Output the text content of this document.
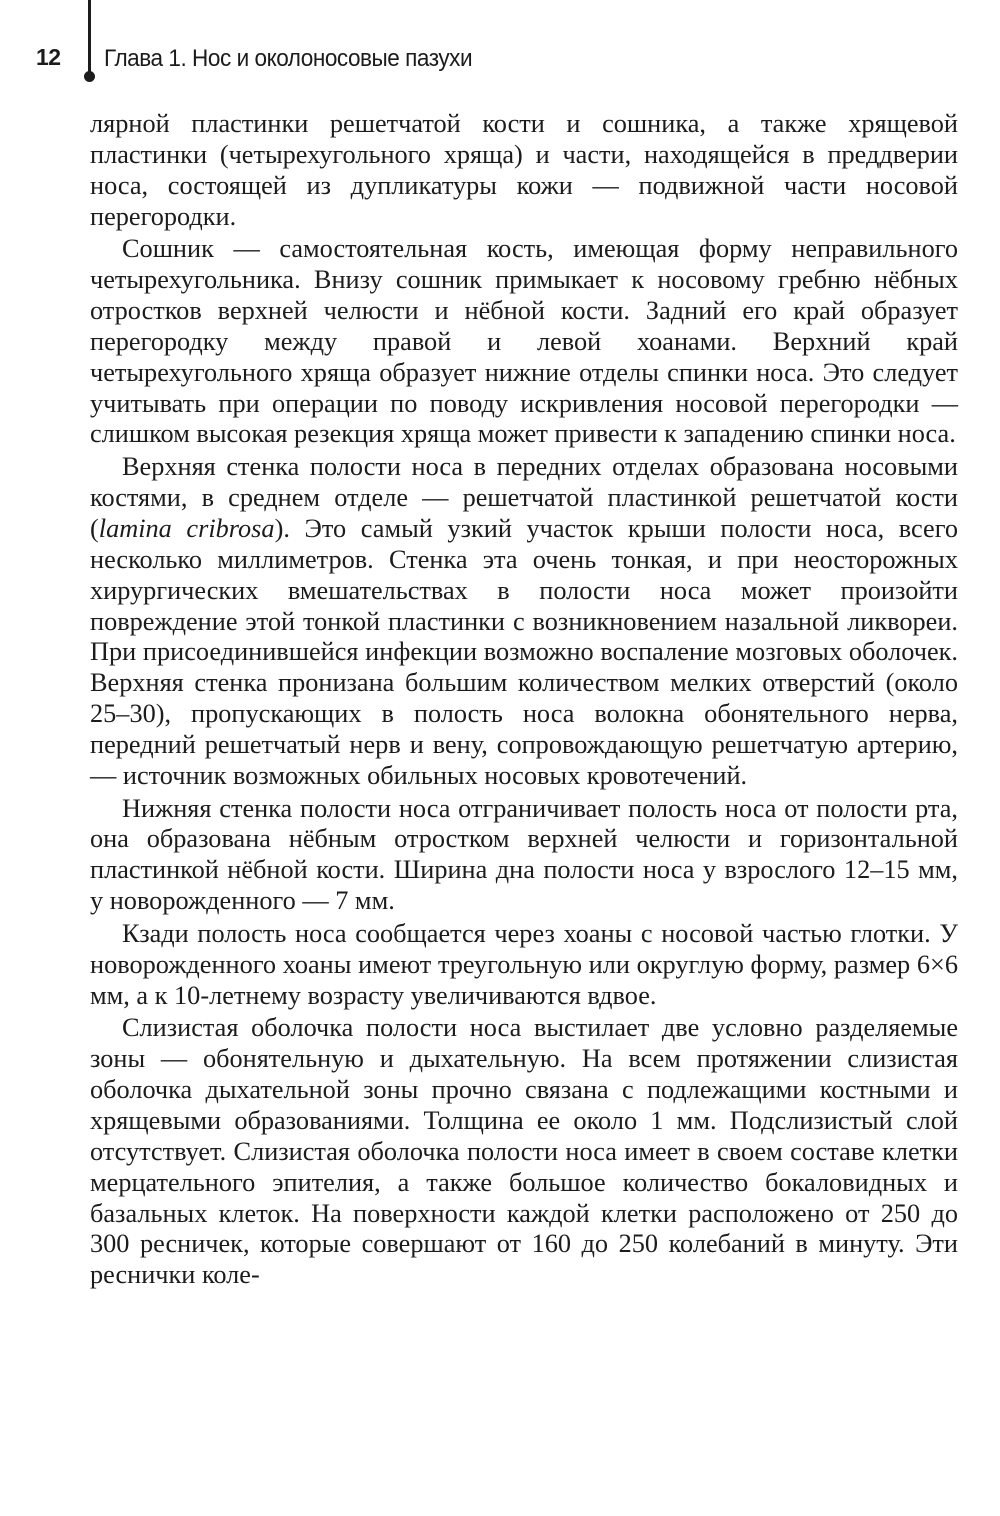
12 Глава 1. Нос и околоносовые пазухи

лярной пластинки решетчатой кости и сошника, а также хрящевой пластинки (четырехугольного хряща) и части, находящейся в преддверии носа, состоящей из дупликатуры кожи — подвижной части носовой перегородки.

Сошник — самостоятельная кость, имеющая форму неправильного четырехугольника. Внизу сошник примыкает к носовому гребню нёбных отростков верхней челюсти и нёбной кости. Задний его край образует перегородку между правой и левой хоанами. Верхний край четырехугольного хряща образует нижние отделы спинки носа. Это следует учитывать при операции по поводу искривления носовой перегородки — слишком высокая резекция хряща может привести к западению спинки носа.

Верхняя стенка полости носа в передних отделах образована носовыми костями, в среднем отделе — решетчатой пластинкой решетчатой кости (lamina cribrosa). Это самый узкий участок крыши полости носа, всего несколько миллиметров. Стенка эта очень тонкая, и при неосторожных хирургических вмешательствах в полости носа может произойти повреждение этой тонкой пластинки с возникновением назальной ликвореи. При присоединившейся инфекции возможно воспаление мозговых оболочек. Верхняя стенка пронизана большим количеством мелких отверстий (около 25–30), пропускающих в полость носа волокна обонятельного нерва, передний решетчатый нерв и вену, сопровождающую решетчатую артерию, — источник возможных обильных носовых кровотечений.

Нижняя стенка полости носа отграничивает полость носа от полости рта, она образована нёбным отростком верхней челюсти и горизонтальной пластинкой нёбной кости. Ширина дна полости носа у взрослого 12–15 мм, у новорожденного — 7 мм.

Кзади полость носа сообщается через хоаны с носовой частью глотки. У новорожденного хоаны имеют треугольную или округлую форму, размер 6×6 мм, а к 10-летнему возрасту увеличиваются вдвое.

Слизистая оболочка полости носа выстилает две условно разделяемые зоны — обонятельную и дыхательную. На всем протяжении слизистая оболочка дыхательной зоны прочно связана с подлежащими костными и хрящевыми образованиями. Толщина ее около 1 мм. Подслизистый слой отсутствует. Слизистая оболочка полости носа имеет в своем составе клетки мерцательного эпителия, а также большое количество бокаловидных и базальных клеток. На поверхности каждой клетки расположено от 250 до 300 ресничек, которые совершают от 160 до 250 колебаний в минуту. Эти реснички коле-
